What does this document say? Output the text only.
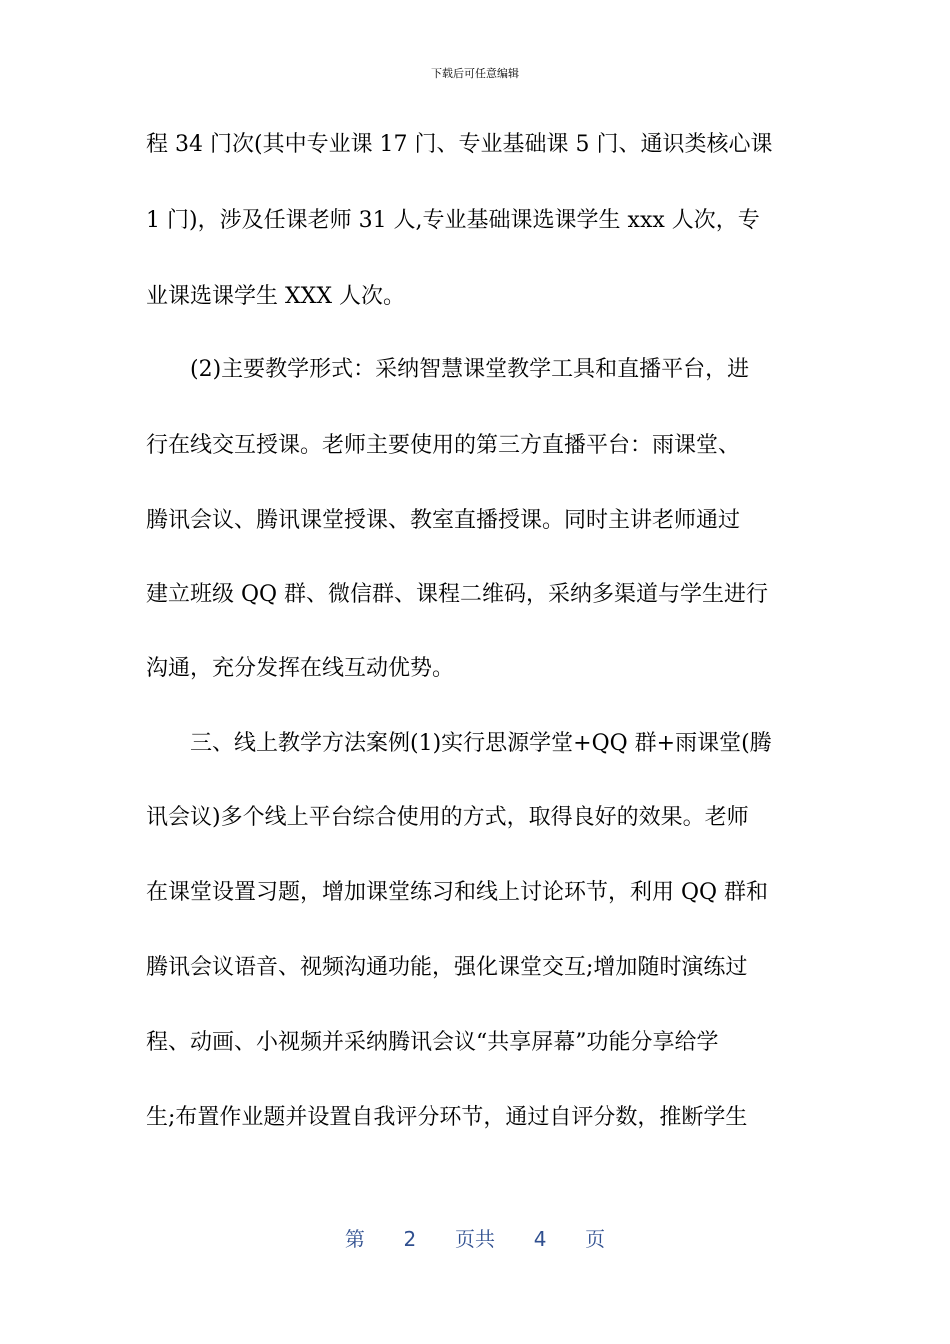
下载后可任意编辑
程 34 门次(其中专业课 17 门、专业基础课 5 门、通识类核心课
1 门)，涉及任课老师 31 人,专业基础课选课学生 xxx 人次，专
业课选课学生 XXX 人次。
(2)主要教学形式：采纳智慧课堂教学工具和直播平台，进
行在线交互授课。老师主要使用的第三方直播平台：雨课堂、
腾讯会议、腾讯课堂授课、教室直播授课。同时主讲老师通过
建立班级 QQ 群、微信群、课程二维码，采纳多渠道与学生进行
沟通，充分发挥在线互动优势。
三、线上教学方法案例(1)实行思源学堂+QQ 群+雨课堂(腾
讯会议)多个线上平台综合使用的方式，取得良好的效果。老师
在课堂设置习题，增加课堂练习和线上讨论环节，利用 QQ 群和
腾讯会议语音、视频沟通功能，强化课堂交互;增加随时演练过
程、动画、小视频并采纳腾讯会议“共享屏幕”功能分享给学
生;布置作业题并设置自我评分环节，通过自评分数，推断学生
第 2 页共 4 页
